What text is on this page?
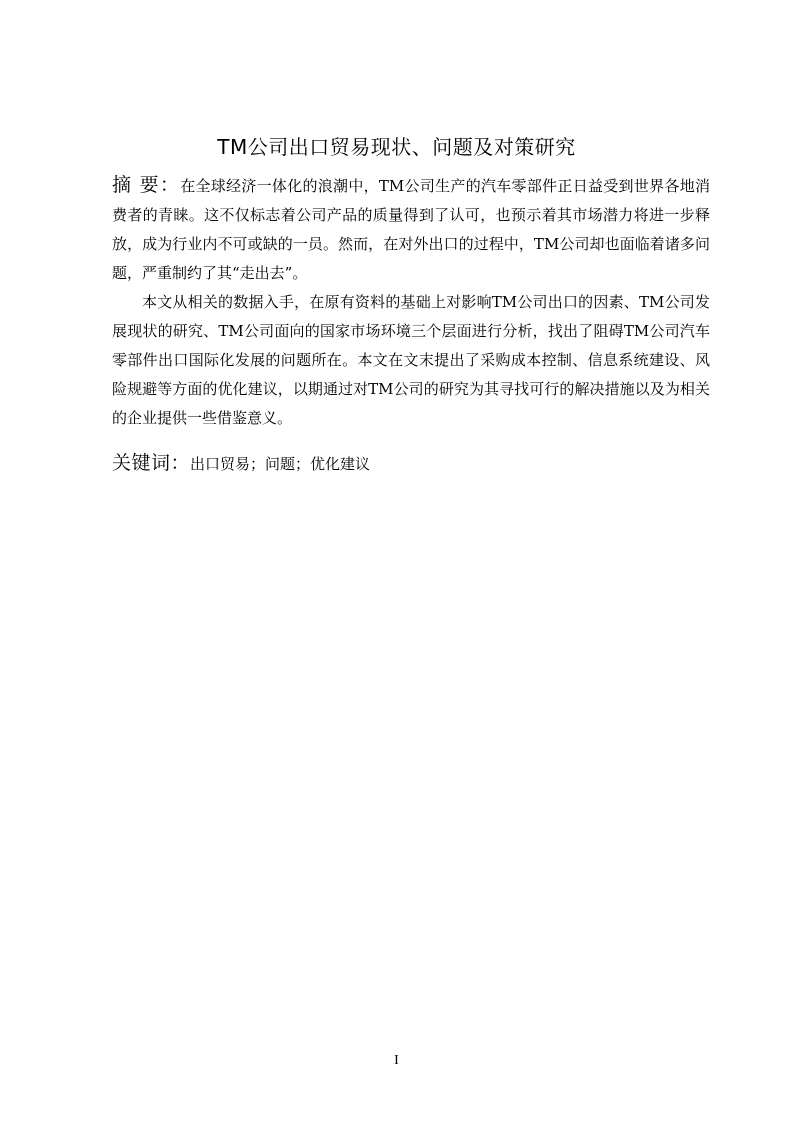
TM公司出口贸易现状、问题及对策研究

摘 要：在全球经济一体化的浪潮中，TM公司生产的汽车零部件正日益受到世界各地消费者的青睐。这不仅标志着公司产品的质量得到了认可，也预示着其市场潜力将进一步释放，成为行业内不可或缺的一员。然而，在对外出口的过程中，TM公司却也面临着诸多问题，严重制约了其“走出去”。

本文从相关的数据入手，在原有资料的基础上对影响TM公司出口的因素、TM公司发展现状的研究、TM公司面向的国家市场环境三个层面进行分析，找出了阻碍TM公司汽车零部件出口国际化发展的问题所在。本文在文末提出了采购成本控制、信息系统建设、风险规避等方面的优化建议，以期通过对TM公司的研究为其寻找可行的解决措施以及为相关的企业提供一些借鉴意义。

关键词：出口贸易；问题；优化建议
I
